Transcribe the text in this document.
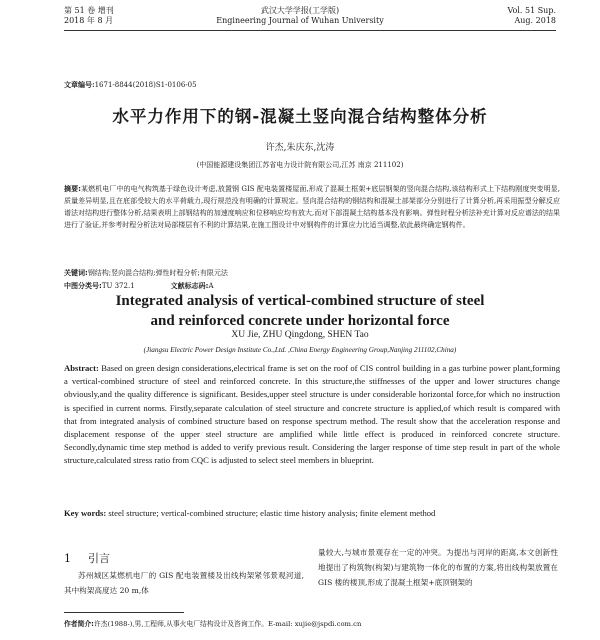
第 51 卷 增刊
2018 年 8 月
武汉大学学报(工学版)
Engineering Journal of Wuhan University
Vol. 51 Sup.
Aug. 2018
文章编号:1671-8844(2018)S1-0106-05
水平力作用下的钢-混凝土竖向混合结构整体分析
许杰,朱庆东,沈涛
(中国能源建设集团江苏省电力设计院有限公司,江苏 南京 211102)
摘要:某燃机电厂中的电气构筑基于绿色设计考虑,放置钢 GIS 配电装置楼屋面,形成了混凝土框架+底层钢架的竖向混合结构,该结构形式上下结构刚度突变明显,质量差异明显,且在底部受较大的水平荷载力,现行规范没有明确的计算规定。竖向混合结构的钢结构和混凝土部架部分分别进行了计算分析,再采用振型分解反应谱法对结构进行整体分析,结果表明上部钢结构的加速度响应和位移响应均有放大,而对下部混凝土结构基本没有影响。弹性时程分析法补充计算对反应谱法的结果进行了验证,并参考时程分析法对局部楼层有不利的计算结果,在施工图设计中对钢构件的计算应力比适当调整,依此最终确定钢构件。
关键词:钢结构;竖向混合结构;弹性时程分析;有限元法
中图分类号:TU 372.1	文献标志码:A
Integrated analysis of vertical-combined structure of steel
and reinforced concrete under horizontal force
XU Jie, ZHU Qingdong, SHEN Tao
(Jiangsu Electric Power Design Institute Co.,Ltd. ,China Energy Engineering Group,Nanjing 211102,China)
Abstract: Based on green design considerations,electrical frame is set on the roof of CIS control building in a gas turbine power plant,forming a vertical-combined structure of steel and reinforced concrete. In this structure,the stiffnesses of the upper and lower structures change obviously,and the quality difference is significant. Besides,upper steel structure is under considerable horizontal force,for which no instruction is specified in current norms. Firstly,separate calculation of steel structure and concrete structure is applied,of which result is compared with that from integrated analysis of combined structure based on response spectrum method. The result show that the acceleration response and displacement response of the upper steel structure are amplified while little effect is produced in reinforced concrete structure. Secondly,dynamic time step method is added to verify previous result. Considering the larger response of time step result in part of the whole structure,calculated stress ratio from CQC is adjusted to select steel members in blueprint.
Key words: steel structure; vertical-combined structure; elastic time history analysis; finite element method
1 引言
苏州城区某燃机电厂的 GIS 配电装置楼及出线构架紧邻景观河道,其中构架高度达 20 m,体
量较大,与城市景观存在一定的冲突。为提出与河岸的距离,本文创新性地提出了构筑物(构架)与建筑物一体化的布置的方案,将出线构架放置在 GIS 楼的楼顶,形成了混凝土框架+底顶钢架的
作者简介:许杰(1988-),男,工程师,从事火电厂结构设计及咨询工作。E-mail: xujie@jspdi.com.cn
